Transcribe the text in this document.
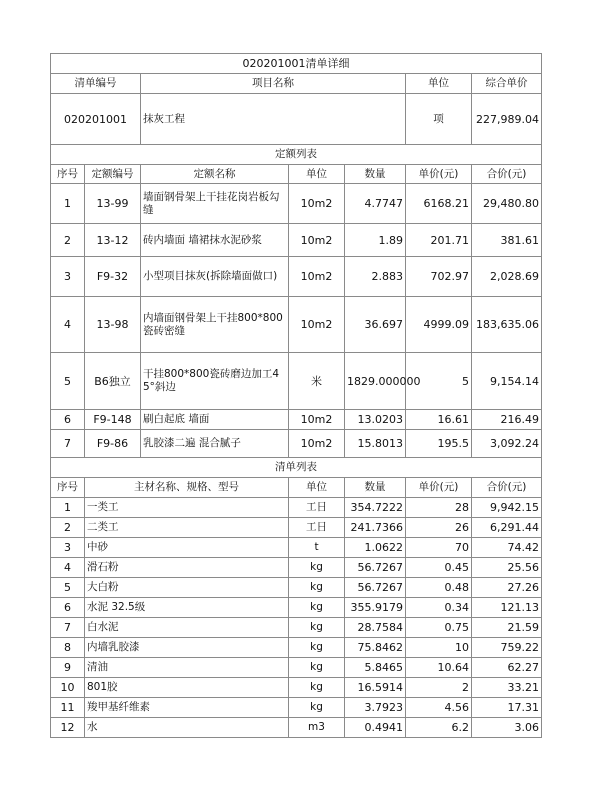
020201001清单详细						
清单编号		项目名称			单位	综合单价
020201001		抹灰工程			项	227,989.04
定额列表						
序号	定额编号	定额名称	单位	数量	单价(元)	合价(元)
1	13-99	墙面钢骨架上干挂花岗岩板勾缝	10m2	4.7747	6168.21	29,480.80
2	13-12	砖内墙面 墙裙抹水泥砂浆	10m2	1.89	201.71	381.61
3	F9-32	小型项目抹灰(拆除墙面做口)	10m2	2.883	702.97	2,028.69
4	13-98	内墙面钢骨架上干挂800*800瓷砖密缝	10m2	36.697	4999.09	183,635.06
5	B6独立	干挂800*800瓷砖磨边加工45°斜边	米	1829.000000	5	9,154.14
6	F9-148	刷白起底 墙面	10m2	13.0203	16.61	216.49
7	F9-86	乳胶漆二遍 混合腻子	10m2	15.8013	195.5	3,092.24
清单列表						
序号	主材名称、规格、型号		单位	数量	单价(元)	合价(元)
1	一类工		工日	354.7222	28	9,942.15
2	二类工		工日	241.7366	26	6,291.44
3	中砂		t	1.0622	70	74.42
4	滑石粉		kg	56.7267	0.45	25.56
5	大白粉		kg	56.7267	0.48	27.26
6	水泥 32.5级		kg	355.9179	0.34	121.13
7	白水泥		kg	28.7584	0.75	21.59
8	内墙乳胶漆		kg	75.8462	10	759.22
9	清油		kg	5.8465	10.64	62.27
10	801胶		kg	16.5914	2	33.21
11	羧甲基纤维素		kg	3.7923	4.56	17.31
12	水		m3	0.4941	6.2	3.06
